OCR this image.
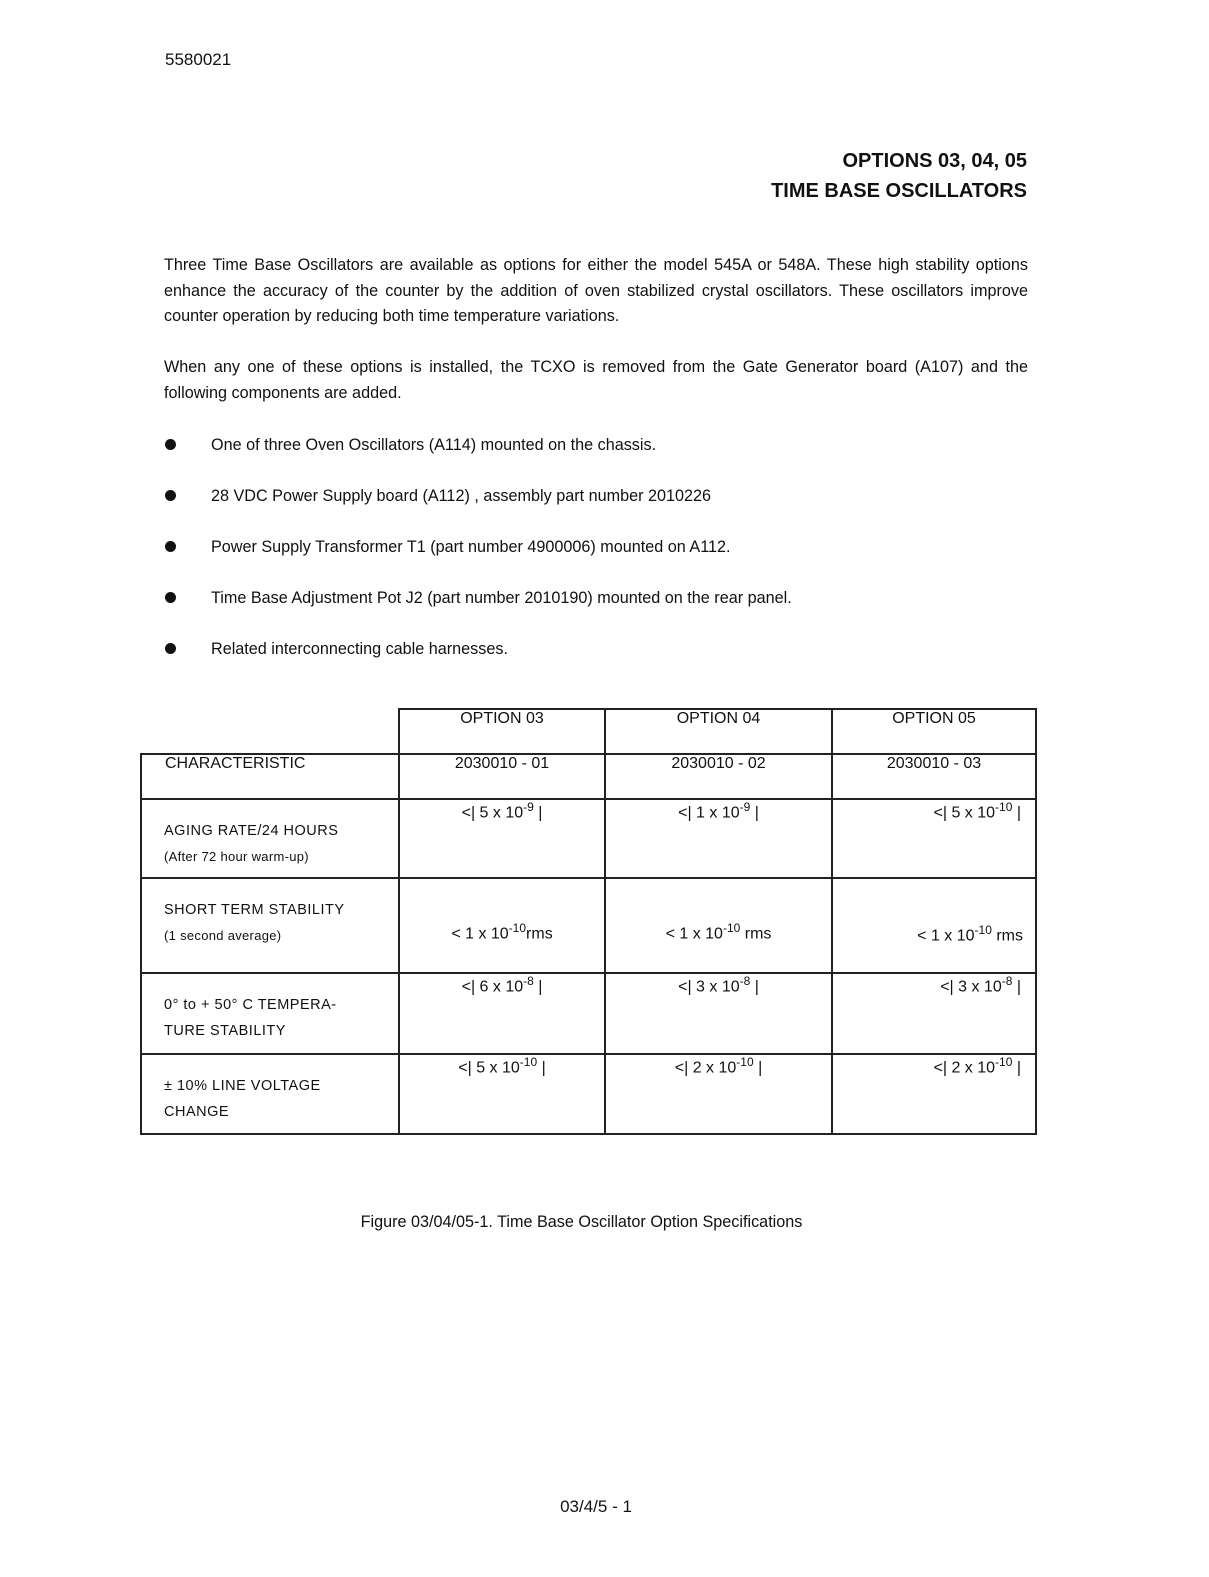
5580021
OPTIONS 03, 04, 05
TIME BASE OSCILLATORS
Three Time Base Oscillators are available as options for either the model 545A or 548A. These high stability options enhance the accuracy of the counter by the addition of oven stabilized crystal oscillators. These oscillators improve counter operation by reducing both time temperature variations.
When any one of these options is installed, the TCXO is removed from the Gate Generator board (A107) and the following components are added.
One of three Oven Oscillators (A114) mounted on the chassis.
28 VDC Power Supply board (A112) , assembly part number 2010226
Power Supply Transformer T1 (part number 4900006) mounted on A112.
Time Base Adjustment Pot J2 (part number 2010190) mounted on the rear panel.
Related interconnecting cable harnesses.
	OPTION 03	OPTION 04	OPTION 05
CHARACTERISTIC	2030010 - 01	2030010 - 02	2030010 - 03

AGING RATE/24 HOURS
(After 72 hour warm-up)	<| 5 x $10^{-9}$ |	<| 1 x $10^{-9}$ |	<| 5 x $10^{-10}$ |

SHORT TERM STABILITY
(1 second average)	< 1 x $10^{-10}rms$	< 1 x $10^{-10}$ rms	< 1 x $10^{-10}$ rms

0° to + 50° C TEMPERA-
TURE STABILITY	<| 6 x $10^{-8}$ |	<| 3 x $10^{-8}$ |	<| 3 x $10^{-8}$ |

± 10% LINE VOLTAGE
CHANGE	<| 5 x $10^{-10}$ |	<| 2 x $10^{-10}$ |	<| 2 x $10^{-10}$ |
Figure 03/04/05-1. Time Base Oscillator Option Specifications
03/4/5 - 1
